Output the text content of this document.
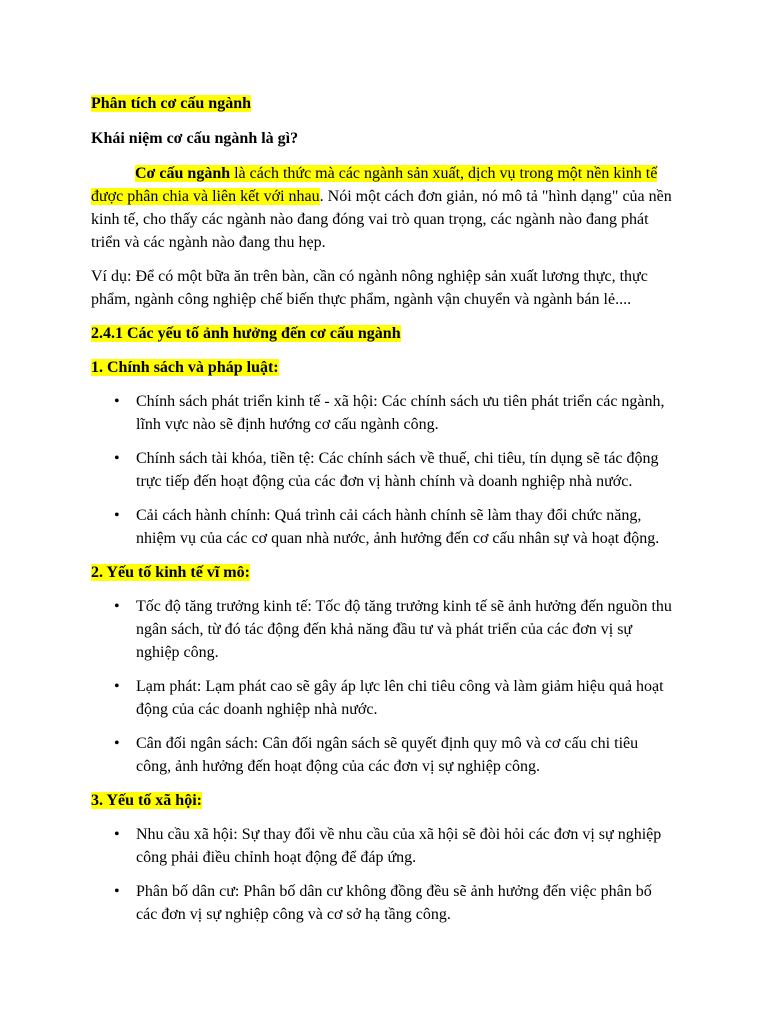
Phân tích cơ cấu ngành

Khái niệm cơ cấu ngành là gì?

Cơ cấu ngành là cách thức mà các ngành sản xuất, dịch vụ trong một nền kinh tế được phân chia và liên kết với nhau. Nói một cách đơn giản, nó mô tả "hình dạng" của nền kinh tế, cho thấy các ngành nào đang đóng vai trò quan trọng, các ngành nào đang phát triển và các ngành nào đang thu hẹp.

Ví dụ: Để có một bữa ăn trên bàn, cần có ngành nông nghiệp sản xuất lương thực, thực phẩm, ngành công nghiệp chế biến thực phẩm, ngành vận chuyển và ngành bán lẻ....

2.4.1 Các yếu tố ảnh hưởng đến cơ cấu ngành

1. Chính sách và pháp luật:

• Chính sách phát triển kinh tế - xã hội: Các chính sách ưu tiên phát triển các ngành, lĩnh vực nào sẽ định hướng cơ cấu ngành công.
• Chính sách tài khóa, tiền tệ: Các chính sách về thuế, chi tiêu, tín dụng sẽ tác động trực tiếp đến hoạt động của các đơn vị hành chính và doanh nghiệp nhà nước.
• Cải cách hành chính: Quá trình cải cách hành chính sẽ làm thay đổi chức năng, nhiệm vụ của các cơ quan nhà nước, ảnh hưởng đến cơ cấu nhân sự và hoạt động.

2. Yếu tố kinh tế vĩ mô:

• Tốc độ tăng trưởng kinh tế: Tốc độ tăng trưởng kinh tế sẽ ảnh hưởng đến nguồn thu ngân sách, từ đó tác động đến khả năng đầu tư và phát triển của các đơn vị sự nghiệp công.
• Lạm phát: Lạm phát cao sẽ gây áp lực lên chi tiêu công và làm giảm hiệu quả hoạt động của các doanh nghiệp nhà nước.
• Cân đối ngân sách: Cân đối ngân sách sẽ quyết định quy mô và cơ cấu chi tiêu công, ảnh hưởng đến hoạt động của các đơn vị sự nghiệp công.

3. Yếu tố xã hội:

• Nhu cầu xã hội: Sự thay đổi về nhu cầu của xã hội sẽ đòi hỏi các đơn vị sự nghiệp công phải điều chỉnh hoạt động để đáp ứng.
• Phân bố dân cư: Phân bố dân cư không đồng đều sẽ ảnh hưởng đến việc phân bố các đơn vị sự nghiệp công và cơ sở hạ tầng công.
